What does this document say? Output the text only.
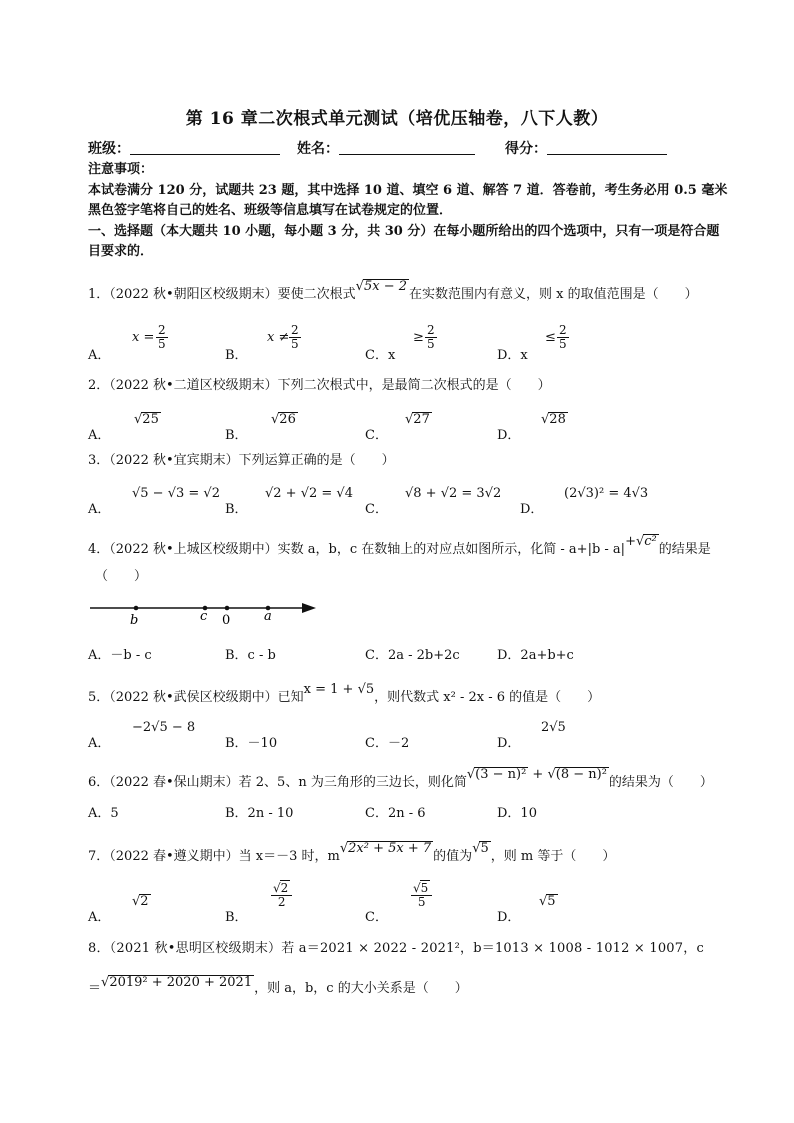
第 16 章二次根式单元测试（培优压轴卷，八下人教）
班级：	姓名：	得分：
注意事项：
本试卷满分 120 分，试题共 23 题，其中选择 10 道、填空 6 道、解答 7 道．答卷前，考生务必用 0.5 毫米黑色签字笔将自己的姓名、班级等信息填写在试卷规定的位置．
一、选择题（本大题共 10 小题，每小题 3 分，共 30 分）在每小题所给出的四个选项中，只有一项是符合题目要求的．
1．（2022 秋•朝阳区校级期末）要使二次根式√5x − 2在实数范围内有意义，则 x 的取值范围是（　　）
A．
$x = \frac{2}{5}$
B．
$x \ne \frac{2}{5}$
C．x
≥ $\frac{2}{5}$
D．x
≤ $\frac{2}{5}$
2．（2022 秋•二道区校级期末）下列二次根式中，是最简二次根式的是（　　）
A．
√25
B．
√26
C．
√27
D．
√28
3．（2022 秋•宜宾期末）下列运算正确的是（　　）
A．
√5 − √3 = √2
B．
√2 + √2 = √4
C．
√8 + √2 = 3√2
D．
(2√3)² = 4√3
4．（2022 秋•上城区校级期中）实数 a，b，c 在数轴上的对应点如图所示，化简 - a+|b - a|+√c²的结果是
（　　）
b	c 0	a
A．－b - c	B．c - b	C．2a - 2b+2c	D．2a+b+c
5．（2022 秋•武侯区校级期中）已知x = 1 + √5，则代数式 x² - 2x - 6 的值是（　　）
A．
−2√5 − 8
B．－10	C．－2	D．
2√5
6．（2022 春•保山期末）若 2、5、n 为三角形的三边长，则化简√(3 − n)² + √(8 − n)²的结果为（　　）
A．5	B．2n - 10	C．2n - 6	D．10
7．（2022 春•遵义期中）当 x＝－3 时，m√2x² + 5x + 7的值为√5，则 m 等于（　　）
A．
√2
B．
$\frac{√2}{2}$
C．
$\frac{√5}{5}$
D．
√5
8．（2021 秋•思明区校级期末）若 a＝2021 × 2022 - 2021²，b＝1013 × 1008 - 1012 × 1007，c
＝√2019² + 2020 + 2021 ，则 a，b，c 的大小关系是（　　）
